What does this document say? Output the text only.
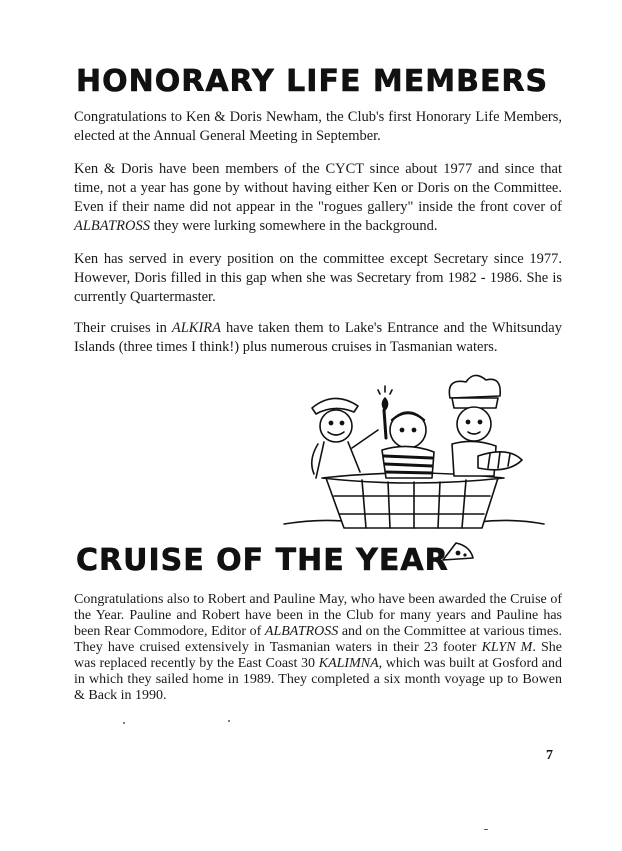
HONORARY LIFE MEMBERS

Congratulations to Ken & Doris Newham, the Club's first Honorary Life Members, elected at the Annual General Meeting in September.

Ken & Doris have been members of the CYCT since about 1977 and since that time, not a year has gone by without having either Ken or Doris on the Committee. Even if their name did not appear in the "rogues gallery" inside the front cover of ALBATROSS they were lurking somewhere in the background.

Ken has served in every position on the committee except Secretary since 1977. However, Doris filled in this gap when she was Secretary from 1982 - 1986. She is currently Quartermaster.

Their cruises in ALKIRA have taken them to Lake's Entrance and the Whitsunday Islands (three times I think!) plus numerous cruises in Tasmanian waters.

CRUISE OF THE YEAR

Congratulations also to Robert and Pauline May, who have been awarded the Cruise of the Year. Pauline and Robert have been in the Club for many years and Pauline has been Rear Commodore, Editor of ALBATROSS and on the Committee at various times. They have cruised extensively in Tasmanian waters in their 23 footer KLYN M. She was replaced recently by the East Coast 30 KALIMNA, which was built at Gosford and in which they sailed home in 1989. They completed a six month voyage up to Bowen & Back in 1990.

7
